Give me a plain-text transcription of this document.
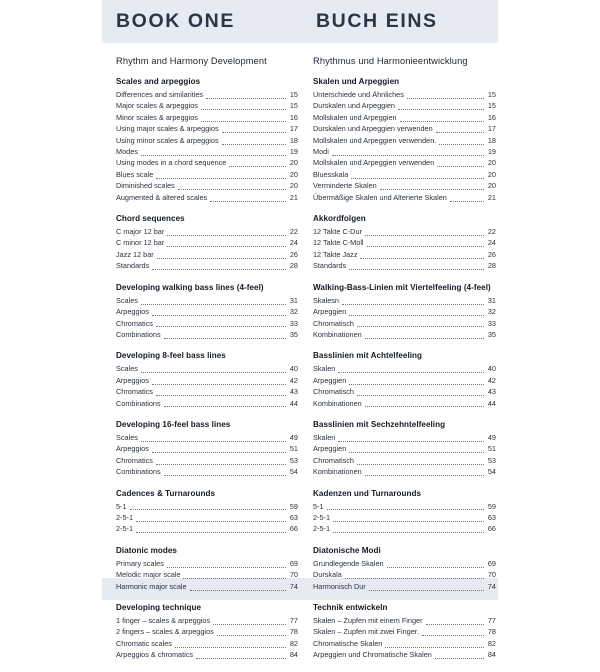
BOOK ONE	BUCH EINS
Rhythm and Harmony Development
Scales and arpeggios
Differences and similarities	15
Major scales & arpeggios	15
Minor scales & arpeggios	16
Using major scales & arpeggios	17
Using minor scales & arpeggios	18
Modes	19
Using modes in a chord sequence	20
Blues scale	20
Diminished scales	20
Augmented & altered scales	21
Chord sequences
C major 12 bar	22
C minor 12 bar	24
Jazz 12 bar	26
Standards	28
Developing walking bass lines (4-feel)
Scales	31
Arpeggios	32
Chromatics	33
Combinations	35
Developing 8-feel bass lines
Scales	40
Arpeggios	42
Chromatics	43
Combinations	44
Developing 16-feel bass lines
Scales	49
Arpeggios	51
Chromatics	53
Combinations	54
Cadences & Turnarounds
5-1	59
2-5-1	63
2-5-1	66
Diatonic modes
Primary scales	69
Melodic major scale	70
Harmonic major scale	74
Developing technique
1 finger – scales & arpeggios	77
2 fingers – scales & arpeggios	78
Chromatic scales	82
Arpeggios & chromatics	84
Rhythmus und Harmonieentwicklung
Skalen und Arpeggien
Unterschiede und Ähnliches	15
Durskalen und Arpeggien	15
Mollskalen und Arpeggien	16
Durskalen und Arpeggien verwenden	17
Mollskalen und Arpeggien verwenden.	18
Modi	19
Mollskalen und Arpeggien verwenden	20
Bluesskala	20
Verminderte Skalen	20
Übermäßige Skalen und Alterierte Skalen	21
Akkordfolgen
12 Takte C-Dur	22
12 Takte C-Moll	24
12 Takte Jazz	26
Standards	28
Walking-Bass-Linien mit Viertelfeeling (4-feel)
Skalesn	31
Arpeggien	32
Chromatisch	33
Kombinationen	35
Basslinien mit Achtelfeeling
Skalen	40
Arpeggien	42
Chromatisch	43
Kombinationen	44
Basslinien mit Sechzehntelfeeling
Skalen	49
Arpeggien	51
Chromatisch	53
Kombinationen	54
Kadenzen und Turnarounds
5-1	59
2-5-1	63
2-5-1	66
Diatonische Modi
Grundlegende Skalen	69
Durskala	70
Harmonisch Dur	74
Technik entwickeln
Skalen – Zupfen mit einem Finger	77
Skalen – Zupfen mit zwei Finger.	78
Chromatische Skalen	82
Arpeggien und Chromatische Skalen	84
